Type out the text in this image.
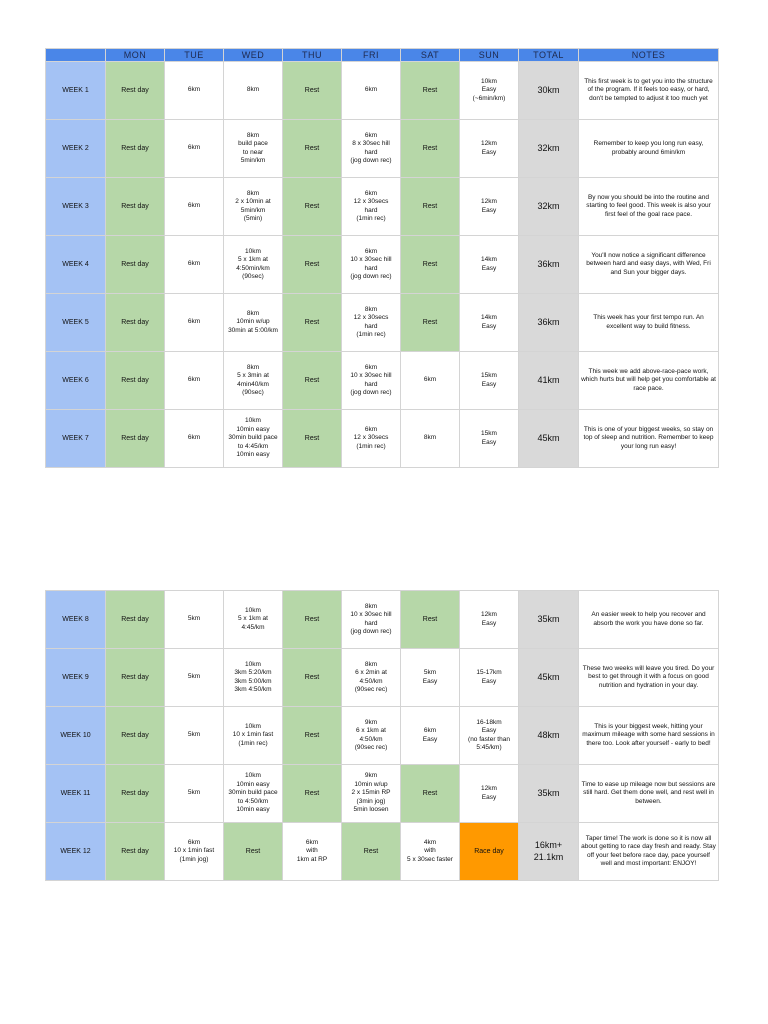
	MON	TUE	WED	THU	FRI	SAT	SUN	TOTAL	NOTES
WEEK 1	Rest day	6km	8km	Rest	6km	Rest	10km
Easy
(~6min/km)	30km	This first week is to get you into the structure of the program. If it feels too easy, or hard, don't be tempted to adjust it too much yet
WEEK 2	Rest day	6km	8km
build pace
to near
5min/km	Rest	6km
8 x 30sec hill
hard
(jog down rec)	Rest	12km
Easy	32km	Remember to keep you long run easy, probably around 6min/km
WEEK 3	Rest day	6km	8km
2 x 10min at
5min/km
(5min)	Rest	6km
12 x 30secs
hard
(1min rec)	Rest	12km
Easy	32km	By now you should be into the routine and starting to feel good. This week is also your first feel of the goal race pace.
WEEK 4	Rest day	6km	10km
5 x 1km at
4:50min/km
(90sec)	Rest	6km
10 x 30sec hill
hard
(jog down rec)	Rest	14km
Easy	36km	You'll now notice a significant difference between hard and easy days, with Wed, Fri and Sun your bigger days.
WEEK 5	Rest day	6km	8km
10min w/up
30min at 5:00/km	Rest	8km
12 x 30secs
hard
(1min rec)	Rest	14km
Easy	36km	This week has your first tempo run. An excellent way to build fitness.
WEEK 6	Rest day	6km	8km
5 x 3min at
4min40/km
(90sec)	Rest	6km
10 x 30sec hill
hard
(jog down rec)	6km	15km
Easy	41km	This week we add above-race-pace work, which hurts but will help get you comfortable at race pace.
WEEK 7	Rest day	6km	10km
10min easy
30min build pace
to 4:45/km
10min easy	Rest	6km
12 x 30secs
(1min rec)	8km	15km
Easy	45km	This is one of your biggest weeks, so stay on top of sleep and nutrition. Remember to keep your long run easy!
WEEK 8	Rest day	5km	10km
5 x 1km at
4:45/km	Rest	8km
10 x 30sec hill
hard
(jog down rec)	Rest	12km
Easy	35km	An easier week to help you recover and absorb the work you have done so far.
WEEK 9	Rest day	5km	10km
3km 5:20/km
3km 5:00/km
3km 4:50/km	Rest	8km
6 x 2min at
4:50/km
(90sec rec)	5km
Easy	15-17km
Easy	45km	These two weeks will leave you tired. Do your best to get through it with a focus on good nutrition and hydration in your day.
WEEK 10	Rest day	5km	10km
10 x 1min fast
(1min rec)	Rest	9km
6 x 1km at
4:50/km
(90sec rec)	6km
Easy	16-18km
Easy
(no faster than
5:45/km)	48km	This is your biggest week, hitting your maximum mileage with some hard sessions in there too. Look after yourself - early to bed!
WEEK 11	Rest day	5km	10km
10min easy
30min build pace
to 4:50/km
10min easy	Rest	9km
10min w/up
2 x 15min RP
(3min jog)
5min loosen	Rest	12km
Easy	35km	Time to ease up mileage now but sessions are still hard. Get them done well, and rest well in between.
WEEK 12	Rest day	6km
10 x 1min fast
(1min jog)	Rest	6km
with
1km at RP	Rest	4km
with
5 x 30sec faster	Race day	16km+
21.1km	Taper time! The work is done so it is now all about getting to race day fresh and ready. Stay off your feet before race day, pace yourself well and most important: ENJOY!
